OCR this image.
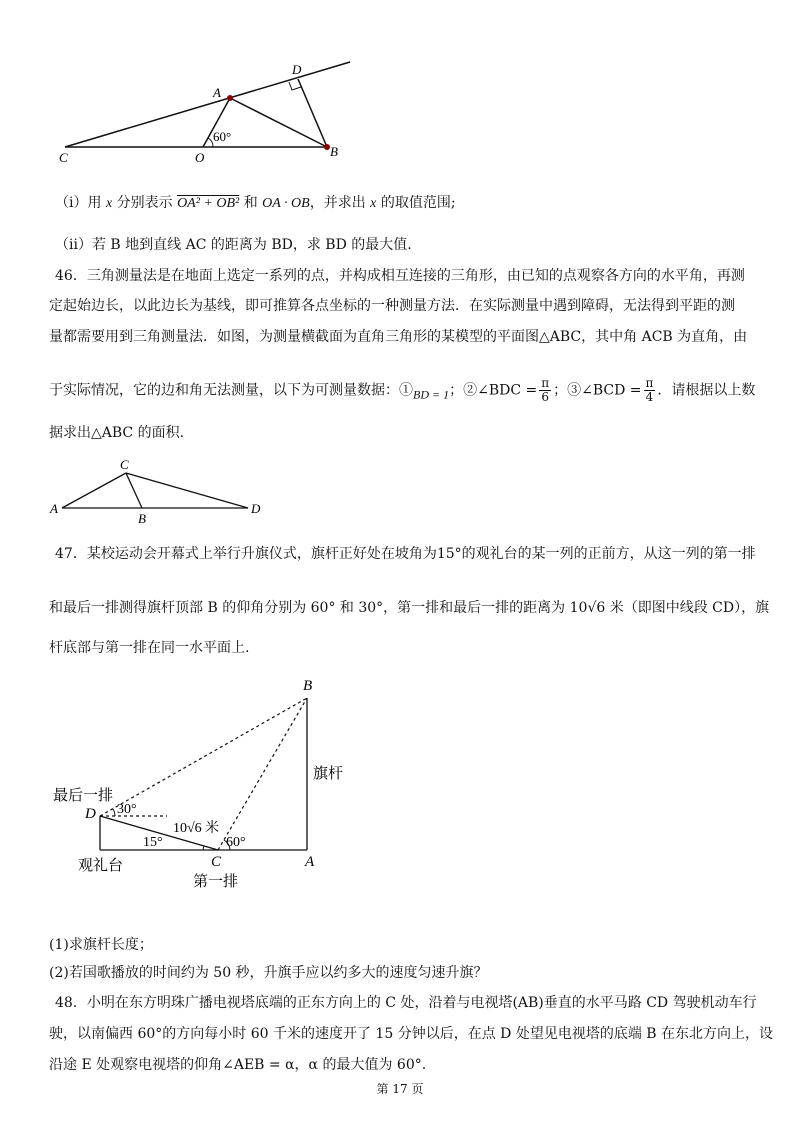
A
D
C	O	B
60°
（i）用 x 分别表示 OA² + OB² 和 OA · OB，并求出 x 的取值范围;
（ii）若 B 地到直线 AC 的距离为 BD，求 BD 的最大值.
46．三角测量法是在地面上选定一系列的点，并构成相互连接的三角形，由已知的点观察各方向的水平角，再测
定起始边长，以此边长为基线，即可推算各点坐标的一种测量方法．在实际测量中遇到障碍，无法得到平距的测
量都需要用到三角测量法．如图，为测量横截面为直角三角形的某模型的平面图△ABC，其中角 ACB 为直角，由
于实际情况，它的边和角无法测量，以下为可测量数据：①BD = 1；②∠BDC = $\frac{\pi}{6}$ ；③∠BCD = $\frac{\pi}{4}$ ．请根据以上数
据求出△ABC 的面积.
C
A
B
D
47．某校运动会开幕式上举行升旗仪式，旗杆正好处在坡角为15°的观礼台的某一列的正前方，从这一列的第一排
和最后一排测得旗杆顶部 B 的仰角分别为 60° 和 30°，第一排和最后一排的距离为 10√6 米（即图中线段 CD），旗
杆底部与第一排在同一水平面上.
B
旗杆
最后一排
D 30°
10√6 米
60°
15°
C	A
观礼台
第一排
(1)求旗杆长度；
(2)若国歌播放的时间约为 50 秒，升旗手应以约多大的速度匀速升旗？
48．小明在东方明珠广播电视塔底端的正东方向上的 C 处，沿着与电视塔(AB)垂直的水平马路 CD 驾驶机动车行
驶，以南偏西 60°的方向每小时 60 千米的速度开了 15 分钟以后，在点 D 处望见电视塔的底端 B 在东北方向上，设
沿途 E 处观察电视塔的仰角∠AEB = α，α 的最大值为 60°.
第 17 页
